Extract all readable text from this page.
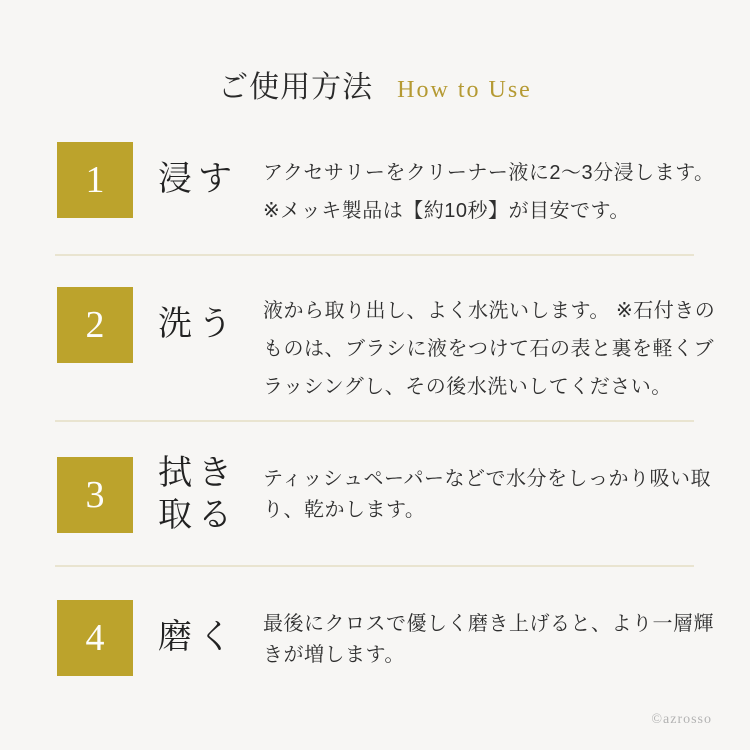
ご使用方法 How to Use
1 浸す アクセサリーをクリーナー液に2〜3分浸します。
※メッキ製品は【約10秒】が目安です。
2 洗う 液から取り出し、よく水洗いします。 ※石付きの
ものは、ブラシに液をつけて石の表と裏を軽くブ
ラッシングし、その後水洗いしてください。
3
拭き
取る
ティッシュペーパーなどで水分をしっかり吸い取
り、乾かします。
4 磨く 最後にクロスで優しく磨き上げると、より一層輝
きが増します。
©azrosso
